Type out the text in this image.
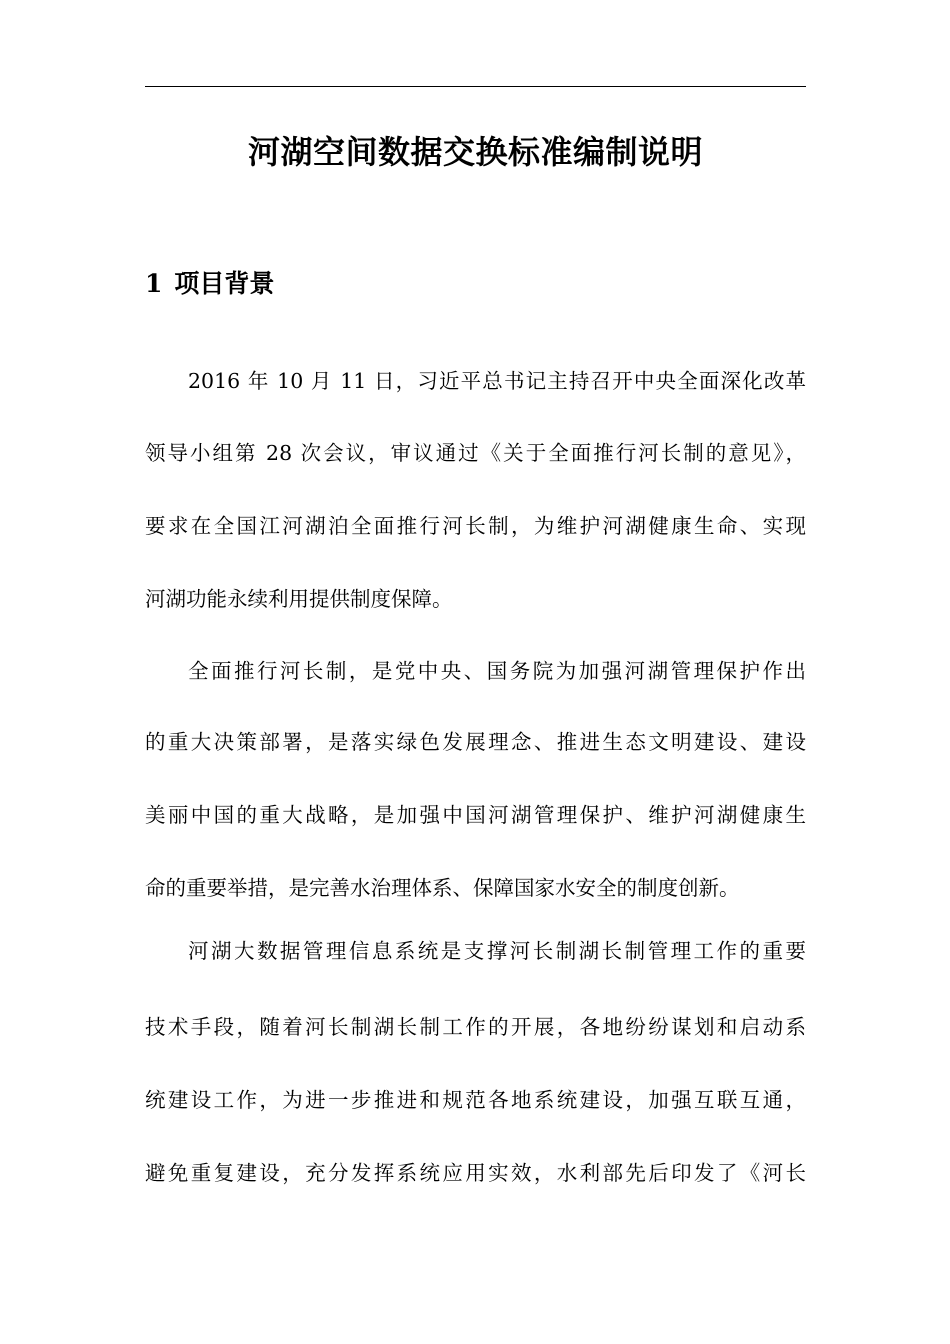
河湖空间数据交换标准编制说明
1 项目背景

2016 年 10 月 11 日，习近平总书记主持召开中央全面深化改革

领导小组第 28 次会议，审议通过《关于全面推行河长制的意见》，

要求在全国江河湖泊全面推行河长制，为维护河湖健康生命、实现

河湖功能永续利用提供制度保障。

全面推行河长制，是党中央、国务院为加强河湖管理保护作出

的重大决策部署，是落实绿色发展理念、推进生态文明建设、建设

美丽中国的重大战略，是加强中国河湖管理保护、维护河湖健康生

命的重要举措，是完善水治理体系、保障国家水安全的制度创新。

河湖大数据管理信息系统是支撑河长制湖长制管理工作的重要

技术手段，随着河长制湖长制工作的开展，各地纷纷谋划和启动系

统建设工作，为进一步推进和规范各地系统建设，加强互联互通，

避免重复建设，充分发挥系统应用实效，水利部先后印发了《河长
